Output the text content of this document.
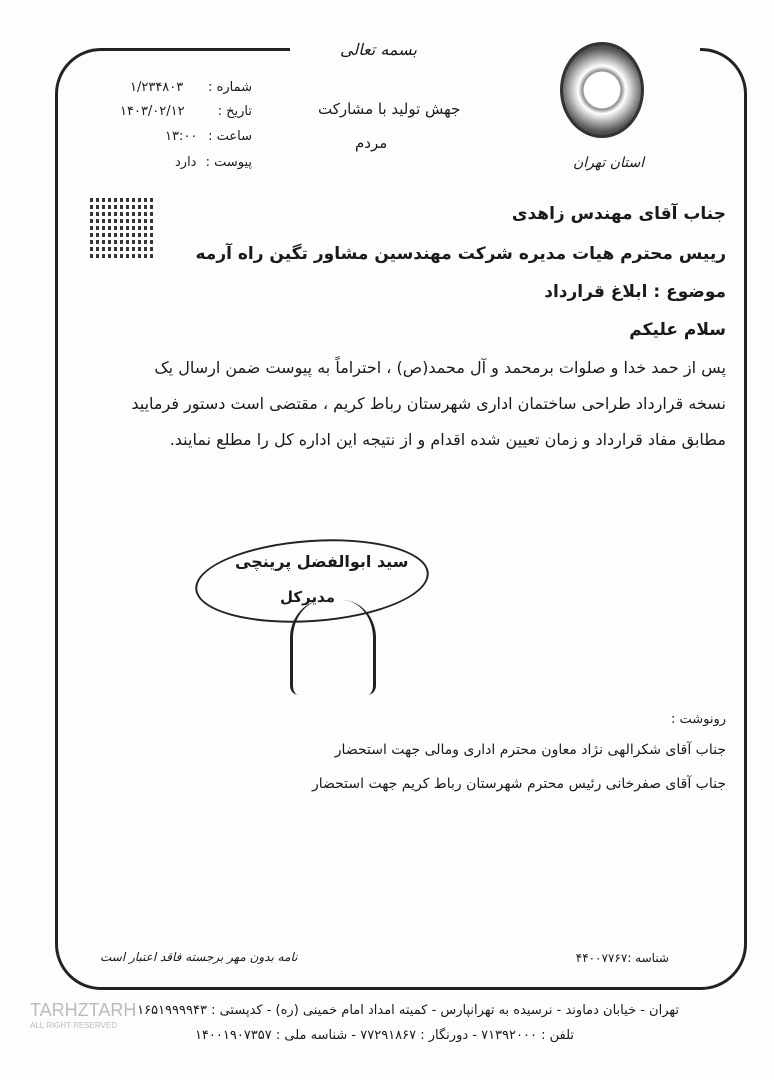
بسمه تعالی
جهش تولید با مشارکت
مردم
استان تهران
شماره :
۱/۲۳۴۸۰۳
تاریخ :
۱۴۰۳/۰۲/۱۲
ساعت :
۱۳:۰۰
پیوست :
دارد
جناب آقای مهندس زاهدی
رییس محترم هیات مدیره شرکت مهندسین مشاور تگین راه آرمه
موضوع : ابلاغ قرارداد
سلام علیکم
پس از حمد خدا و صلوات برمحمد و آل محمد(ص) ، احتراماً به پیوست ضمن ارسال یک
نسخه قرارداد طراحی ساختمان اداری شهرستان رباط کریم ، مقتضی است دستور فرمایید
مطابق مفاد قرارداد و زمان تعیین شده اقدام و از نتیجه این اداره کل را مطلع نمایند.
سید ابوالفضل پرینچی
مدیرکل
رونوشت :
جناب آقای شکرالهی نژاد معاون محترم اداری ومالی جهت استحضار
جناب آقای صفرخانی رئیس محترم شهرستان رباط کریم جهت استحضار
شناسه :۴۴۰۰۷۷۶۷
نامه بدون مهر برجسته فاقد اعتبار است
تهران - خیابان دماوند - نرسیده به تهرانپارس - کمیته امداد امام خمینی (ره) - کدپستی : ۱۶۵۱۹۹۹۹۴۳
تلفن : ۷۱۳۹۲۰۰۰ - دورنگار : ۷۷۲۹۱۸۶۷ - شناسه ملی : ۱۴۰۰۱۹۰۷۳۵۷
TARHZTARH
ALL RIGHT RESERVED
